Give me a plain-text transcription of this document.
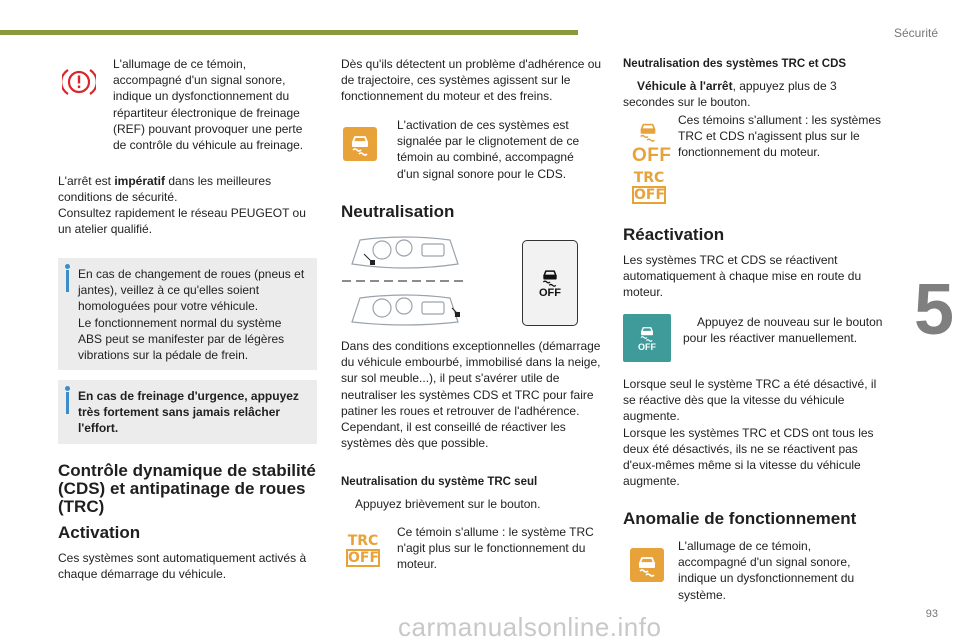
Sécurité
5
93
carmanualsonline.info

L'allumage de ce témoin, accompagné d'un signal sonore, indique un dysfonctionnement du répartiteur électronique de freinage (REF) pouvant provoquer une perte de contrôle du véhicule au freinage.

L'arrêt est impératif dans les meilleures conditions de sécurité.

Consultez rapidement le réseau PEUGEOT ou un atelier qualifié.

En cas de changement de roues (pneus et jantes), veillez à ce qu'elles soient homologuées pour votre véhicule.
Le fonctionnement normal du système ABS peut se manifester par de légères vibrations sur la pédale de frein.
En cas de freinage d'urgence, appuyez très fortement sans jamais relâcher l'effort.
Contrôle dynamique de stabilité (CDS) et antipatinage de roues (TRC)
Activation

Ces systèmes sont automatiquement activés à chaque démarrage du véhicule.

Dès qu'ils détectent un problème d'adhérence ou de trajectoire, ces systèmes agissent sur le fonctionnement du moteur et des freins.

L'activation de ces systèmes est signalée par le clignotement de ce témoin au combiné, accompagné d'un signal sonore pour le CDS.

Neutralisation
OFF

Dans des conditions exceptionnelles (démarrage du véhicule embourbé, immobilisé dans la neige, sur sol meuble...), il peut s'avérer utile de neutraliser les systèmes CDS et TRC pour faire patiner les roues et retrouver de l'adhérence.
Cependant, il est conseillé de réactiver les systèmes dès que possible.

Neutralisation du système TRC seul

Appuyez brièvement sur le bouton.

TRC
OFF

Ce témoin s'allume : le système TRC n'agit plus sur le fonctionnement du moteur.

Neutralisation des systèmes TRC et CDS

Véhicule à l'arrêt, appuyez plus de 3 secondes sur le bouton.

OFF
TRC
OFF

Ces témoins s'allument : les systèmes TRC et CDS n'agissent plus sur le fonctionnement du moteur.

Réactivation

Les systèmes TRC et CDS se réactivent automatiquement à chaque mise en route du moteur.

OFF

Appuyez de nouveau sur le bouton pour les réactiver manuellement.

Lorsque seul le système TRC a été désactivé, il se réactive dès que la vitesse du véhicule augmente.
Lorsque les systèmes TRC et CDS ont tous les deux été désactivés, ils ne se réactivent pas d'eux-mêmes même si la vitesse du véhicule augmente.

Anomalie de fonctionnement

L'allumage de ce témoin, accompagné d'un signal sonore, indique un dysfonctionnement du système.
